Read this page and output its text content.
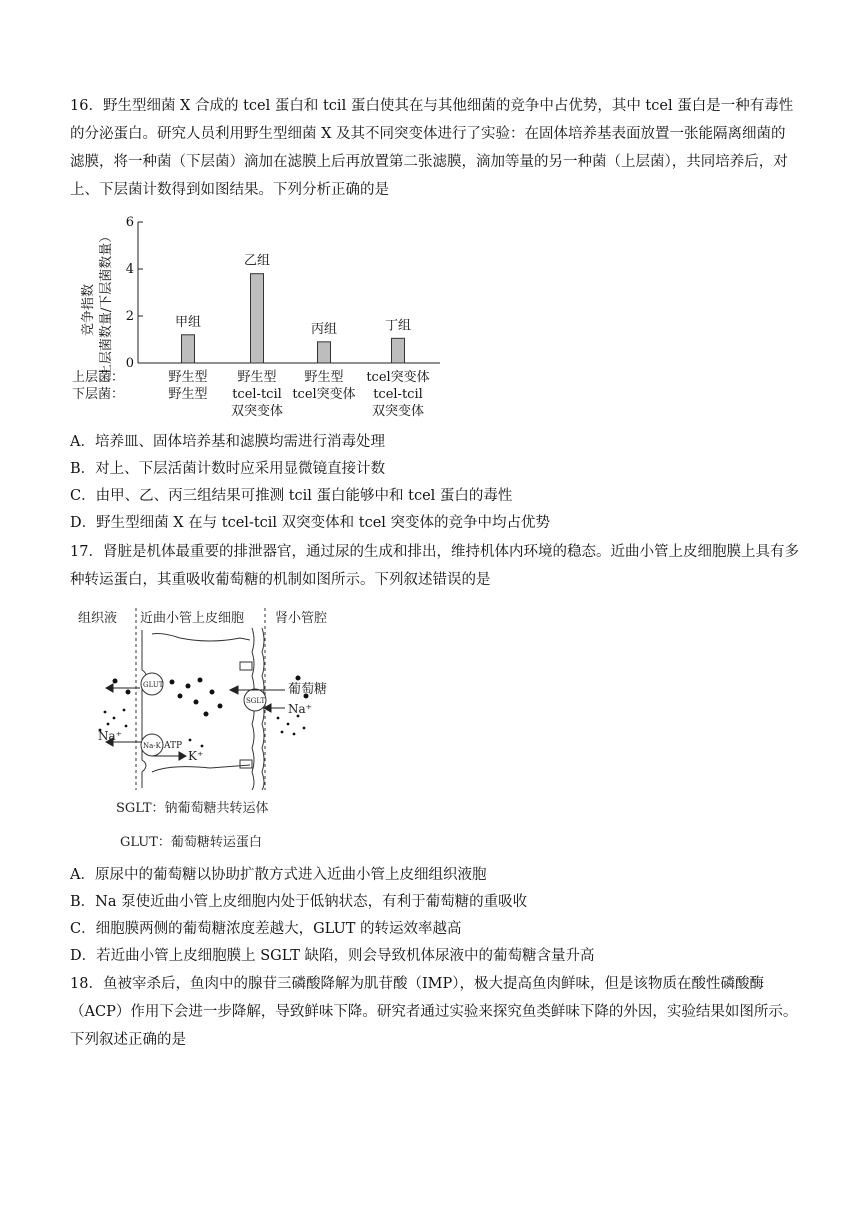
16．野生型细菌 X 合成的 tcel 蛋白和 tcil 蛋白使其在与其他细菌的竞争中占优势，其中 tcel 蛋白是一种有毒性的分泌蛋白。研究人员利用野生型细菌 X 及其不同突变体进行了实验：在固体培养基表面放置一张能隔离细菌的滤膜，将一种菌（下层菌）滴加在滤膜上后再放置第二张滤膜，滴加等量的另一种菌（上层菌），共同培养后，对上、下层菌计数得到如图结果。下列分析正确的是
竞争指数 （上层菌数量/下层菌数量） 0
2
4
6
甲组
乙组
丙组	丁组
上层菌：
下层菌：
野生型
野生型
野生型
tcel-tcil
双突变体
野生型
tcel突变体
tcel突变体
tcel-tcil
双突变体
A．培养皿、固体培养基和滤膜均需进行消毒处理
B．对上、下层活菌计数时应采用显微镜直接计数
C．由甲、乙、丙三组结果可推测 tcil 蛋白能够中和 tcel 蛋白的毒性
D．野生型细菌 X 在与 tcel-tcil 双突变体和 tcel 突变体的竞争中均占优势
17．肾脏是机体最重要的排泄器官，通过尿的生成和排出，维持机体内环境的稳态。近曲小管上皮细胞膜上具有多种转运蛋白，其重吸收葡萄糖的机制如图所示。下列叙述错误的是
组织液 近曲小管上皮细胞 肾小管腔
GLUT
SGLT
Na-K ATP
葡萄糖
Na⁺
Na⁺
K⁺
SGLT：钠葡萄糖共转运体
GLUT：葡萄糖转运蛋白
A．原尿中的葡萄糖以协助扩散方式进入近曲小管上皮细组织液胞
B．Na 泵使近曲小管上皮细胞内处于低钠状态，有利于葡萄糖的重吸收
C．细胞膜两侧的葡萄糖浓度差越大，GLUT 的转运效率越高
D．若近曲小管上皮细胞膜上 SGLT 缺陷，则会导致机体尿液中的葡萄糖含量升高
18．鱼被宰杀后，鱼肉中的腺苷三磷酸降解为肌苷酸（IMP），极大提高鱼肉鲜味，但是该物质在酸性磷酸酶（ACP）作用下会进一步降解，导致鲜味下降。研究者通过实验来探究鱼类鲜味下降的外因，实验结果如图所示。下列叙述正确的是
